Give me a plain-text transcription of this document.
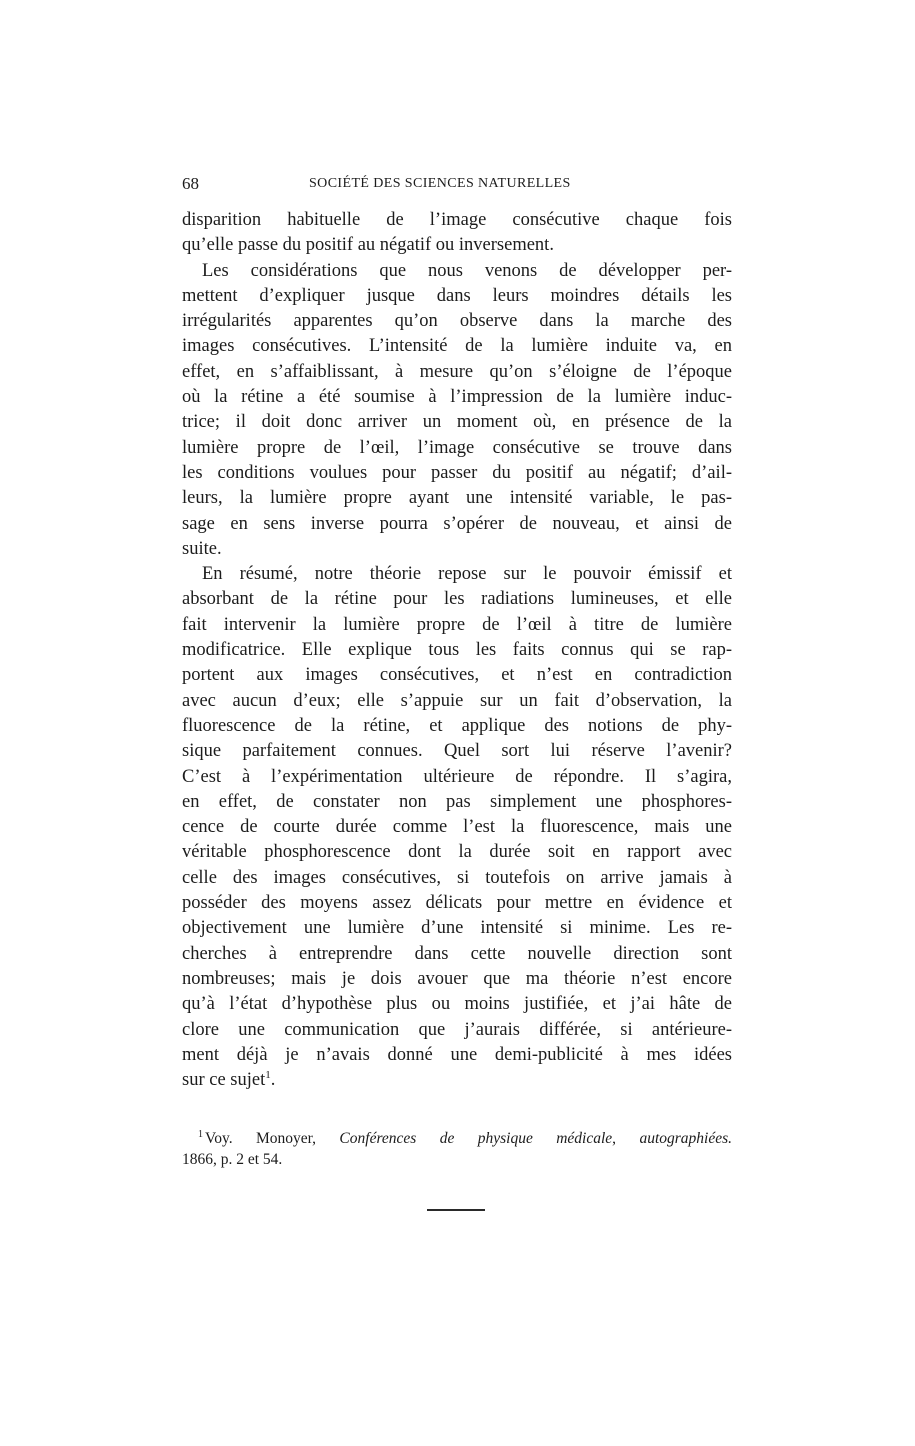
68	SOCIÉTÉ DES SCIENCES NATURELLES
disparition habituelle de l’image consécutive chaque fois
qu’elle passe du positif au négatif ou inversement.
Les considérations que nous venons de développer per-
mettent d’expliquer jusque dans leurs moindres détails les
irrégularités apparentes qu’on observe dans la marche des
images consécutives. L’intensité de la lumière induite va, en
effet, en s’affaiblissant, à mesure qu’on s’éloigne de l’époque
où la rétine a été soumise à l’impression de la lumière induc-
trice; il doit donc arriver un moment où, en présence de la
lumière propre de l’œil, l’image consécutive se trouve dans
les conditions voulues pour passer du positif au négatif; d’ail-
leurs, la lumière propre ayant une intensité variable, le pas-
sage en sens inverse pourra s’opérer de nouveau, et ainsi de
suite.
En résumé, notre théorie repose sur le pouvoir émissif et
absorbant de la rétine pour les radiations lumineuses, et elle
fait intervenir la lumière propre de l’œil à titre de lumière
modificatrice. Elle explique tous les faits connus qui se rap-
portent aux images consécutives, et n’est en contradiction
avec aucun d’eux; elle s’appuie sur un fait d’observation, la
fluorescence de la rétine, et applique des notions de phy-
sique parfaitement connues. Quel sort lui réserve l’avenir?
C’est à l’expérimentation ultérieure de répondre. Il s’agira,
en effet, de constater non pas simplement une phosphores-
cence de courte durée comme l’est la fluorescence, mais une
véritable phosphorescence dont la durée soit en rapport avec
celle des images consécutives, si toutefois on arrive jamais à
posséder des moyens assez délicats pour mettre en évidence et
objectivement une lumière d’une intensité si minime. Les re-
cherches à entreprendre dans cette nouvelle direction sont
nombreuses; mais je dois avouer que ma théorie n’est encore
qu’à l’état d’hypothèse plus ou moins justifiée, et j’ai hâte de
clore une communication que j’aurais différée, si antérieure-
ment déjà je n’avais donné une demi-publicité à mes idées
sur ce sujet$^1$.
$^1$ Voy. Monoyer, Conférences de physique médicale, autographiées.
1866, p. 2 et 54.
